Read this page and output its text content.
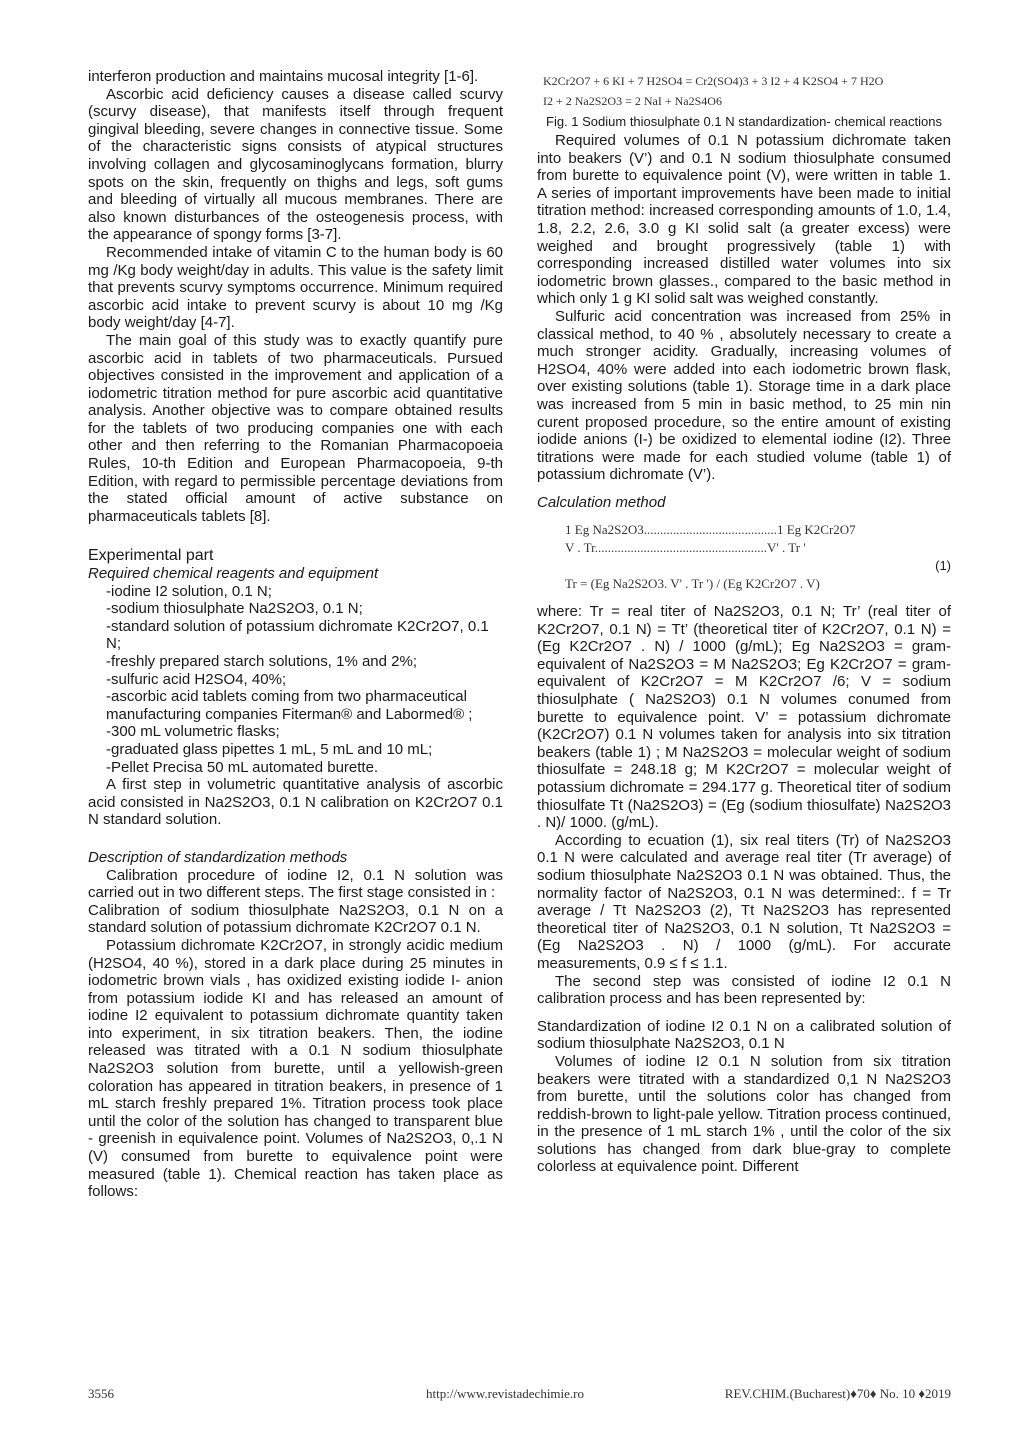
interferon production and maintains mucosal integrity [1-6].

Ascorbic acid deficiency causes a disease called scurvy (scurvy disease), that manifests itself through frequent gingival bleeding, severe changes in connective tissue. Some of the characteristic signs consists of atypical structures involving collagen and glycosaminoglycans formation, blurry spots on the skin, frequently on thighs and legs, soft gums and bleeding of virtually all mucous membranes. There are also known disturbances of the osteogenesis process, with the appearance of spongy forms [3-7].

Recommended intake of vitamin C to the human body is 60 mg /Kg body weight/day in adults. This value is the safety limit that prevents scurvy symptoms occurrence. Minimum required ascorbic acid intake to prevent scurvy is about 10 mg /Kg body weight/day [4-7].

The main goal of this study was to exactly quantify pure ascorbic acid in tablets of two pharmaceuticals. Pursued objectives consisted in the improvement and application of a iodometric titration method for pure ascorbic acid quantitative analysis. Another objective was to compare obtained results for the tablets of two producing companies one with each other and then referring to the Romanian Pharmacopoeia Rules, 10-th Edition and European Pharmacopoeia, 9-th Edition, with regard to permissible percentage deviations from the stated official amount of active substance on pharmaceuticals tablets [8].

Experimental part

Required chemical reagents and equipment

-iodine I2 solution, 0.1 N;

-sodium thiosulphate Na2S2O3, 0.1 N;

-standard solution of potassium dichromate K2Cr2O7, 0.1 N;

-freshly prepared starch solutions, 1% and 2%;

-sulfuric acid H2SO4, 40%;

-ascorbic acid tablets coming from two pharmaceutical manufacturing companies Fiterman® and Labormed® ;

-300 mL volumetric flasks;

-graduated glass pipettes 1 mL, 5 mL and 10 mL;

-Pellet Precisa 50 mL automated burette.

A first step in volumetric quantitative analysis of ascorbic acid consisted in Na2S2O3, 0.1 N calibration on K2Cr2O7 0.1 N standard solution.

Description of standardization methods

Calibration procedure of iodine I2, 0.1 N solution was carried out in two different steps. The first stage consisted in :

Calibration of sodium thiosulphate Na2S2O3, 0.1 N on a standard solution of potassium dichromate K2Cr2O7 0.1 N.

Potassium dichromate K2Cr2O7, in strongly acidic medium (H2SO4, 40 %), stored in a dark place during 25 minutes in iodometric brown vials , has oxidized existing iodide I- anion from potassium iodide KI and has released an amount of iodine I2 equivalent to potassium dichromate quantity taken into experiment, in six titration beakers. Then, the iodine released was titrated with a 0.1 N sodium thiosulphate Na2S2O3 solution from burette, until a yellowish-green coloration has appeared in titration beakers, in presence of 1 mL starch freshly prepared 1%. Titration process took place until the color of the solution has changed to transparent blue - greenish in equivalence point. Volumes of Na2S2O3, 0,.1 N (V) consumed from burette to equivalence point were measured (table 1). Chemical reaction has taken place as follows:

K2Cr2O7 + 6 KI + 7 H2SO4 = Cr2(SO4)3 + 3 I2 + 4 K2SO4 + 7 H2O
I2 + 2 Na2S2O3 = 2 NaI + Na2S4O6

Fig. 1 Sodium thiosulphate 0.1 N standardization- chemical reactions

Required volumes of 0.1 N potassium dichromate taken into beakers (V’) and 0.1 N sodium thiosulphate consumed from burette to equivalence point (V), were written in table 1. A series of important improvements have been made to initial titration method: increased corresponding amounts of 1.0, 1.4, 1.8, 2.2, 2.6, 3.0 g KI solid salt (a greater excess) were weighed and brought progressively (table 1) with corresponding increased distilled water volumes into six iodometric brown glasses., compared to the basic method in which only 1 g KI solid salt was weighed constantly.

Sulfuric acid concentration was increased from 25% in classical method, to 40 % , absolutely necessary to create a much stronger acidity. Gradually, increasing volumes of H2SO4, 40% were added into each iodometric brown flask, over existing solutions (table 1). Storage time in a dark place was increased from 5 min in basic method, to 25 min nin curent proposed procedure, so the entire amount of existing iodide anions (I-) be oxidized to elemental iodine (I2). Three titrations were made for each studied volume (table 1) of potassium dichromate (V’).

Calculation method

1 Eg Na2S2O3.........................................1 Eg K2Cr2O7
V . Tr.....................................................V' . Tr '
(1)
Tr = (Eg Na2S2O3. V' . Tr ') / (Eg K2Cr2O7 . V)

where: Tr = real titer of Na2S2O3, 0.1 N; Tr’ (real titer of K2Cr2O7, 0.1 N) = Tt’ (theoretical titer of K2Cr2O7, 0.1 N) = (Eg K2Cr2O7 . N) / 1000 (g/mL); Eg Na2S2O3 = gram-equivalent of Na2S2O3 = M Na2S2O3; Eg K2Cr2O7 = gram-equivalent of K2Cr2O7 = M K2Cr2O7 /6; V = sodium thiosulphate ( Na2S2O3) 0.1 N volumes conumed from burette to equivalence point. V’ = potassium dichromate (K2Cr2O7) 0.1 N volumes taken for analysis into six titration beakers (table 1) ; M Na2S2O3 = molecular weight of sodium thiosulfate = 248.18 g; M K2Cr2O7 = molecular weight of potassium dichromate = 294.177 g. Theoretical titer of sodium thiosulfate Tt (Na2S2O3) = (Eg (sodium thiosulfate) Na2S2O3 . N)/ 1000. (g/mL).

According to ecuation (1), six real titers (Tr) of Na2S2O3 0.1 N were calculated and average real titer (Tr average) of sodium thiosulphate Na2S2O3 0.1 N was obtained. Thus, the normality factor of Na2S2O3, 0.1 N was determined:. f = Tr average / Tt Na2S2O3 (2), Tt Na2S2O3 has represented theoretical titer of Na2S2O3, 0.1 N solution, Tt Na2S2O3 = (Eg Na2S2O3 . N) / 1000 (g/mL). For accurate measurements, 0.9 ≤ f ≤ 1.1.

The second step was consisted of iodine I2 0.1 N calibration process and has been represented by:

Standardization of iodine I2 0.1 N on a calibrated solution of sodium thiosulphate Na2S2O3, 0.1 N

Volumes of iodine I2 0.1 N solution from six titration beakers were titrated with a standardized 0,1 N Na2S2O3 from burette, until the solutions color has changed from reddish-brown to light-pale yellow. Titration process continued, in the presence of 1 mL starch 1% , until the color of the six solutions has changed from dark blue-gray to complete colorless at equivalence point. Different

3556	http://www.revistadechimie.ro	REV.CHIM.(Bucharest)♦70♦ No. 10 ♦2019
